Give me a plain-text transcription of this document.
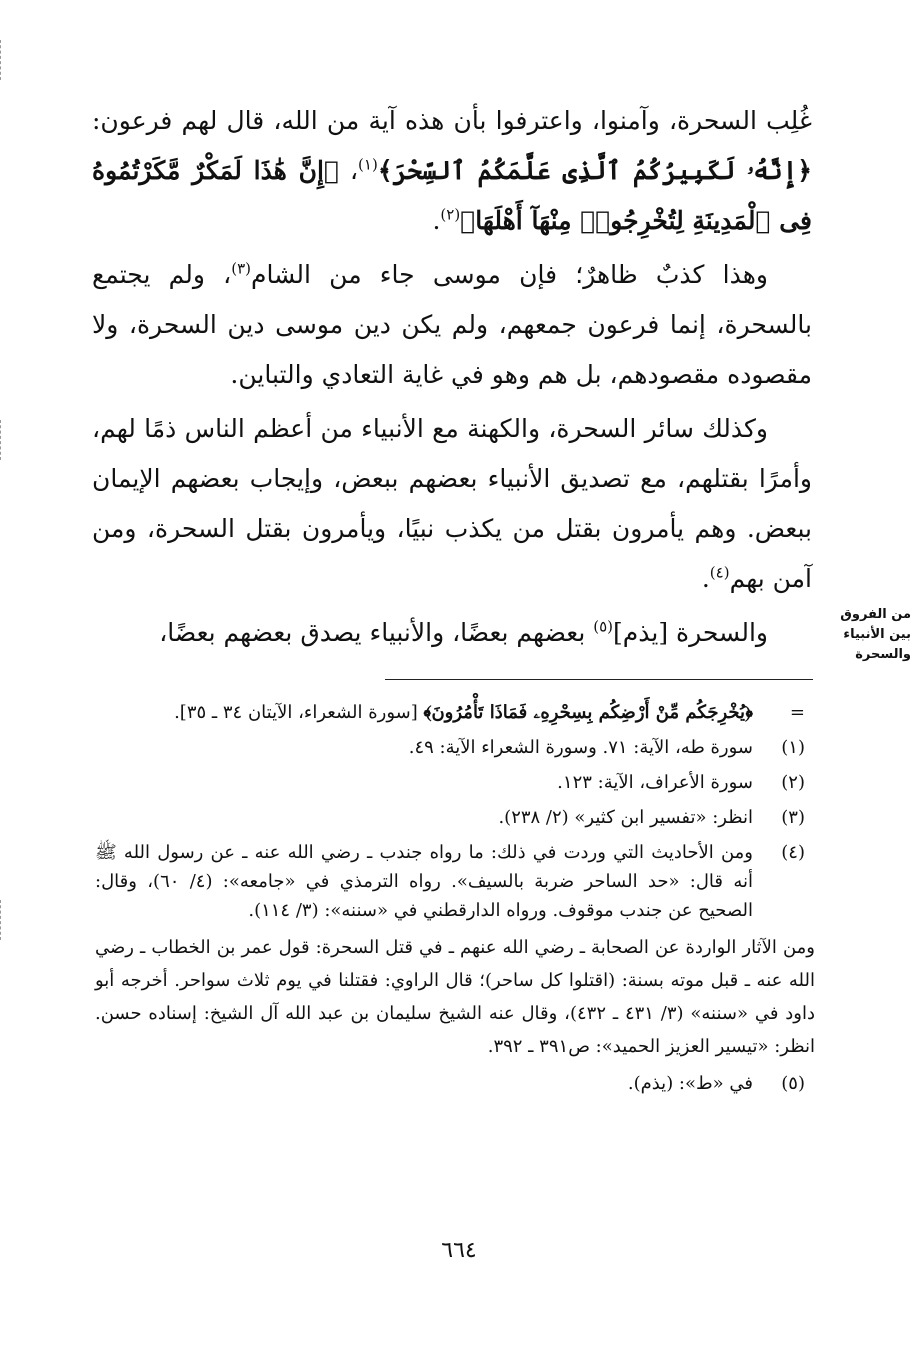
غُلِب السحرة، وآمنوا، واعترفوا بأن هذه آية من الله، قال لهم فرعون: ﴿إِنَّهُۥ لَكَبِيرُكُمُ ٱلَّذِى عَلَّمَكُمُ ٱلسِّحْرَ﴾$^{(١)}$، ﴿إِنَّ هَٰذَا لَمَكْرٌ مَّكَرْتُمُوهُ فِى ٱلْمَدِينَةِ لِتُخْرِجُوا۟ مِنْهَآ أَهْلَهَا﴾$^{(٢)}$.

وهذا كذبٌ ظاهرٌ؛ فإن موسى جاء من الشام$^{(٣)}$، ولم يجتمع بالسحرة، إنما فرعون جمعهم، ولم يكن دين موسى دين السحرة، ولا مقصوده مقصودهم، بل هم وهو في غاية التعادي والتباين.

وكذلك سائر السحرة، والكهنة مع الأنبياء من أعظم الناس ذمًا لهم، وأمرًا بقتلهم، مع تصديق الأنبياء بعضهم ببعض، وإيجاب بعضهم الإيمان ببعض. وهم يأمرون بقتل من يكذب نبيًا، ويأمرون بقتل السحرة، ومن آمن بهم$^{(٤)}$.

والسحرة [يذم]$^{(٥)}$ بعضهم بعضًا، والأنبياء يصدق بعضهم بعضًا،

من الفروق بين الأنبياء والسحرة
=
﴿يُخْرِجَكُم مِّنْ أَرْضِكُم بِسِحْرِهِۦ فَمَاذَا تَأْمُرُونَ﴾ [سورة الشعراء، الآيتان ٣٤ ـ ٣٥].
(١)
سورة طه، الآية: ٧١. وسورة الشعراء الآية: ٤٩.
(٢)
سورة الأعراف، الآية: ١٢٣.
(٣)
انظر: «تفسير ابن كثير» (٢/ ٢٣٨).
(٤)
ومن الأحاديث التي وردت في ذلك: ما رواه جندب ـ رضي الله عنه ـ عن رسول الله ﷺ أنه قال: «حد الساحر ضربة بالسيف». رواه الترمذي في «جامعه»: (٤/ ٦٠)، وقال: الصحيح عن جندب موقوف. ورواه الدارقطني في «سننه»: (٣/ ١١٤).

ومن الآثار الواردة عن الصحابة ـ رضي الله عنهم ـ في قتل السحرة: قول عمر بن الخطاب ـ رضي الله عنه ـ قبل موته بسنة: (اقتلوا كل ساحر)؛ قال الراوي: فقتلنا في يوم ثلاث سواحر. أخرجه أبو داود في «سننه» (٣/ ٤٣١ ـ ٤٣٢)، وقال عنه الشيخ سليمان بن عبد الله آل الشيخ: إسناده حسن. انظر: «تيسير العزيز الحميد»: ص٣٩١ ـ ٣٩٢.

(٥)
في «ط»: (يذم).
٦٦٤
